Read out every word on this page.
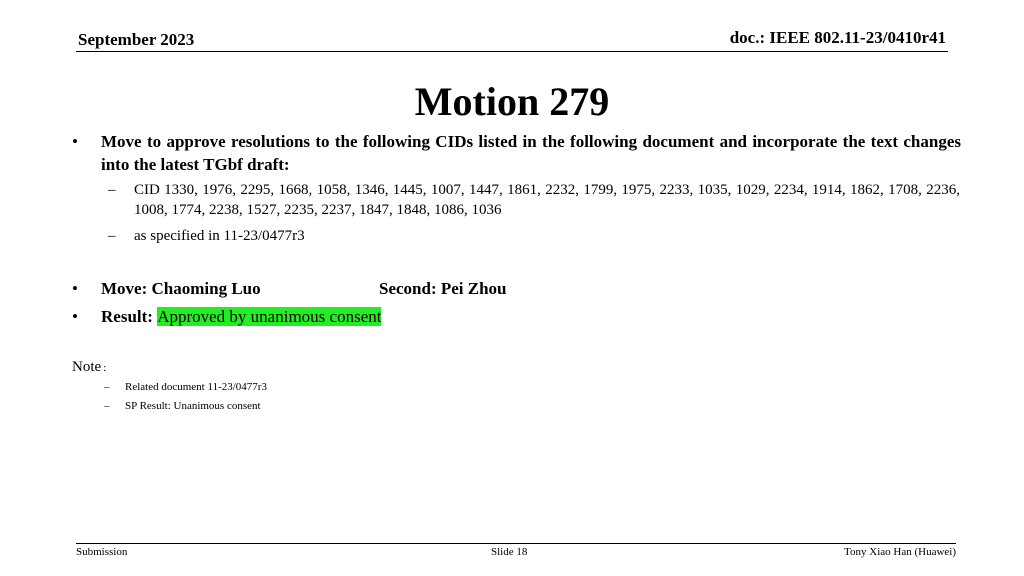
September 2023	doc.: IEEE 802.11-23/0410r41
Motion 279
• Move to approve resolutions to the following CIDs listed in the following document and incorporate the text changes into the latest TGbf draft:
– CID 1330, 1976, 2295, 1668, 1058, 1346, 1445, 1007, 1447, 1861, 2232, 1799, 1975, 2233, 1035, 1029, 2234, 1914, 1862, 1708, 2236, 1008, 1774, 2238, 1527, 2235, 2237, 1847, 1848, 1086, 1036
– as specified in 11-23/0477r3
• Move: Chaoming Luo	Second: Pei Zhou
• Result: Approved by unanimous consent
Note :
– Related document 11-23/0477r3
– SP Result: Unanimous consent
Submission	Slide 18	Tony Xiao Han (Huawei)
